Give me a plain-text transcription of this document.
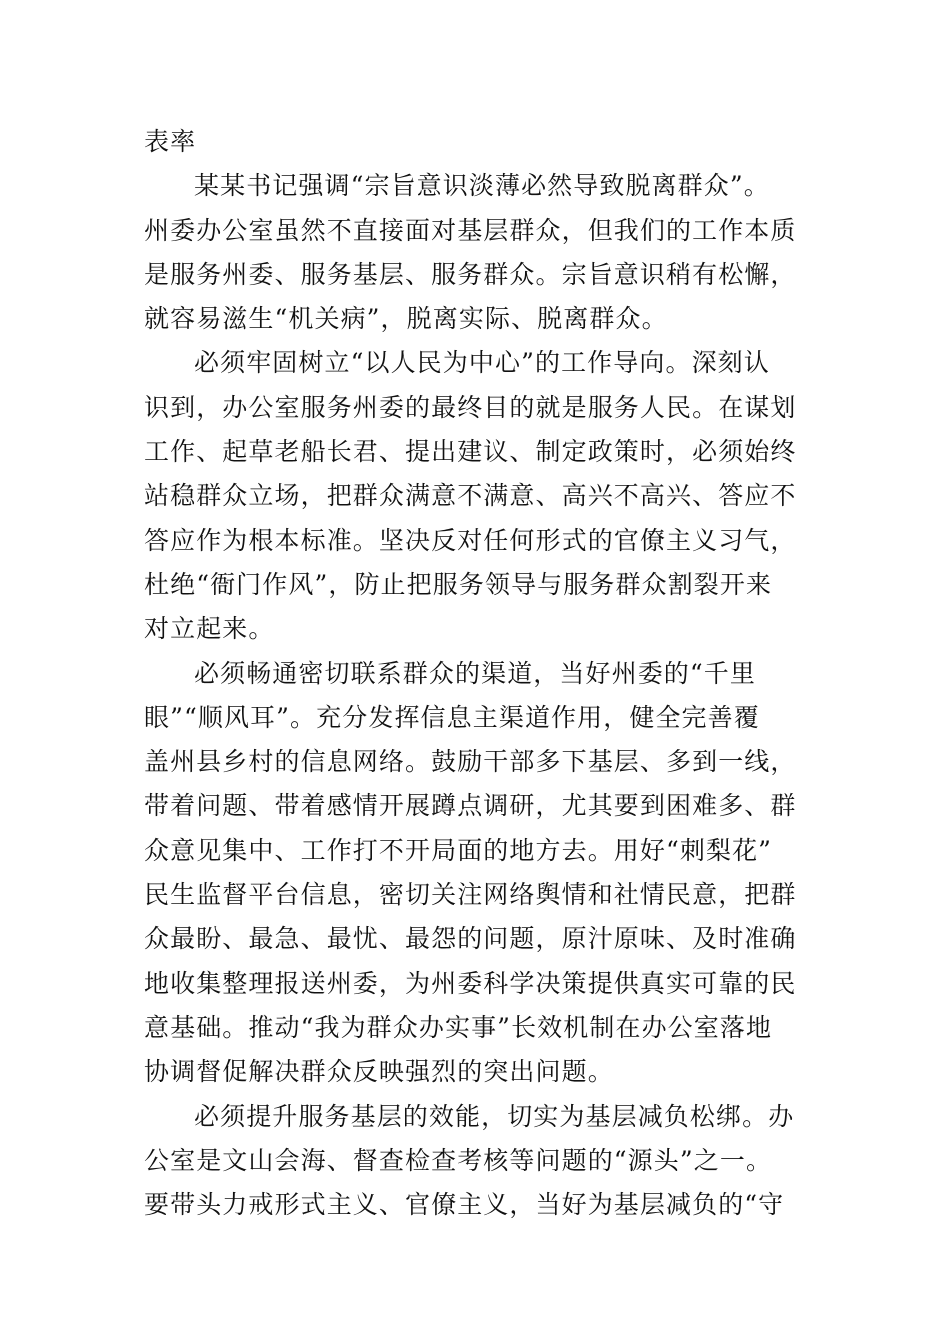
表率
某某书记强调“宗旨意识淡薄必然导致脱离群众”。
州委办公室虽然不直接面对基层群众，但我们的工作本质
是服务州委、服务基层、服务群众。宗旨意识稍有松懈，
就容易滋生“机关病”，脱离实际、脱离群众。
必须牢固树立“以人民为中心”的工作导向。深刻认
识到，办公室服务州委的最终目的就是服务人民。在谋划
工作、起草老船长君、提出建议、制定政策时，必须始终
站稳群众立场，把群众满意不满意、高兴不高兴、答应不
答应作为根本标准。坚决反对任何形式的官僚主义习气，
杜绝“衙门作风”，防止把服务领导与服务群众割裂开来
对立起来。
必须畅通密切联系群众的渠道，当好州委的“千里
眼”“顺风耳”。充分发挥信息主渠道作用，健全完善覆
盖州县乡村的信息网络。鼓励干部多下基层、多到一线，
带着问题、带着感情开展蹲点调研，尤其要到困难多、群
众意见集中、工作打不开局面的地方去。用好“刺梨花”
民生监督平台信息，密切关注网络舆情和社情民意，把群
众最盼、最急、最忧、最怨的问题，原汁原味、及时准确
地收集整理报送州委，为州委科学决策提供真实可靠的民
意基础。推动“我为群众办实事”长效机制在办公室落地
协调督促解决群众反映强烈的突出问题。
必须提升服务基层的效能，切实为基层减负松绑。办
公室是文山会海、督查检查考核等问题的“源头”之一。
要带头力戒形式主义、官僚主义，当好为基层减负的“守
